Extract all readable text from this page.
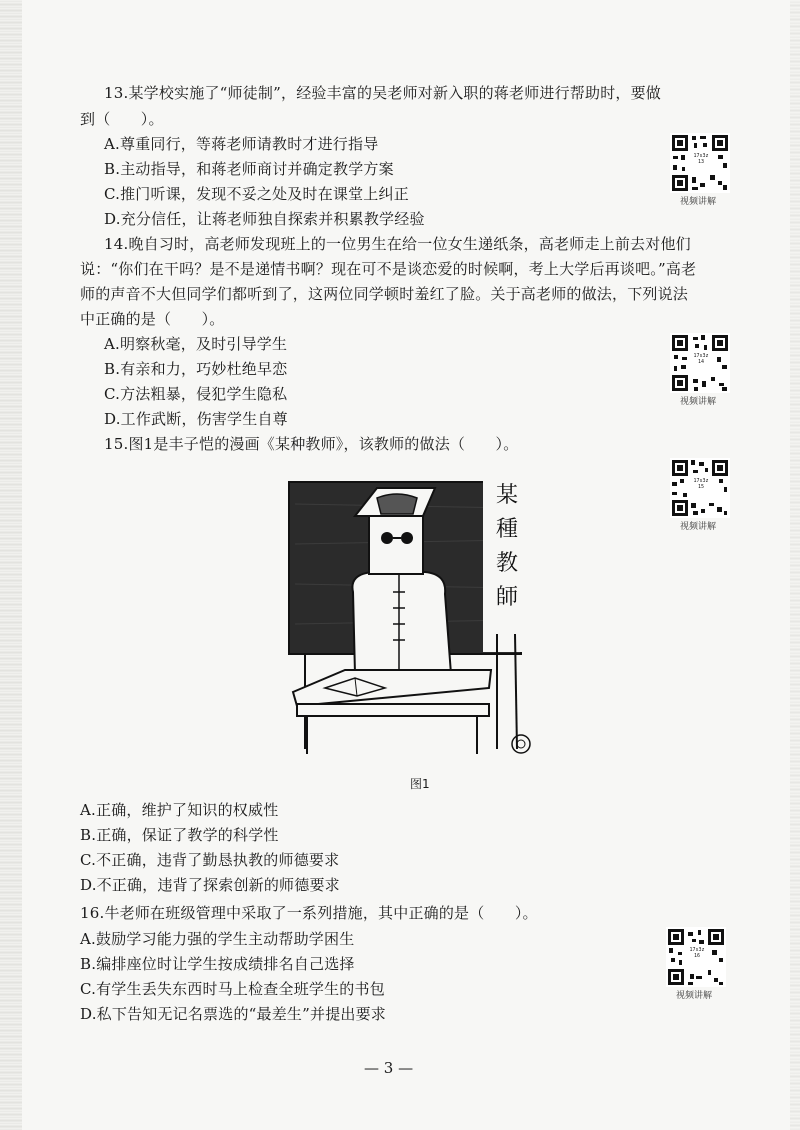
13.某学校实施了“师徒制”，经验丰富的吴老师对新入职的蒋老师进行帮助时，要做
到（　　）。
A.尊重同行，等蒋老师请教时才进行指导
B.主动指导，和蒋老师商讨并确定教学方案
C.推门听课，发现不妥之处及时在课堂上纠正
D.充分信任，让蒋老师独自探索并积累教学经验
14.晚自习时，高老师发现班上的一位男生在给一位女生递纸条，高老师走上前去对他们
说：“你们在干吗？是不是递情书啊？现在可不是谈恋爱的时候啊，考上大学后再谈吧。”高老
师的声音不大但同学们都听到了，这两位同学顿时羞红了脸。关于高老师的做法，下列说法
中正确的是（　　）。
A.明察秋毫，及时引导学生
B.有亲和力，巧妙杜绝早恋
C.方法粗暴，侵犯学生隐私
D.工作武断，伤害学生自尊
15.图1是丰子恺的漫画《某种教师》，该教师的做法（　　）。
某
種
教
師
图1
A.正确，维护了知识的权威性
B.正确，保证了教学的科学性
C.不正确，违背了勤恳执教的师德要求
D.不正确，违背了探索创新的师德要求
16.牛老师在班级管理中采取了一系列措施，其中正确的是（　　）。
A.鼓励学习能力强的学生主动帮助学困生
B.编排座位时让学生按成绩排名自己选择
C.有学生丢失东西时马上检查全班学生的书包
D.私下告知无记名票选的“最差生”并提出要求
17s3z 13
视频讲解
17s3z 14
视频讲解
17s3z 15
视频讲解
17s3z 16
视频讲解
— 3 —
